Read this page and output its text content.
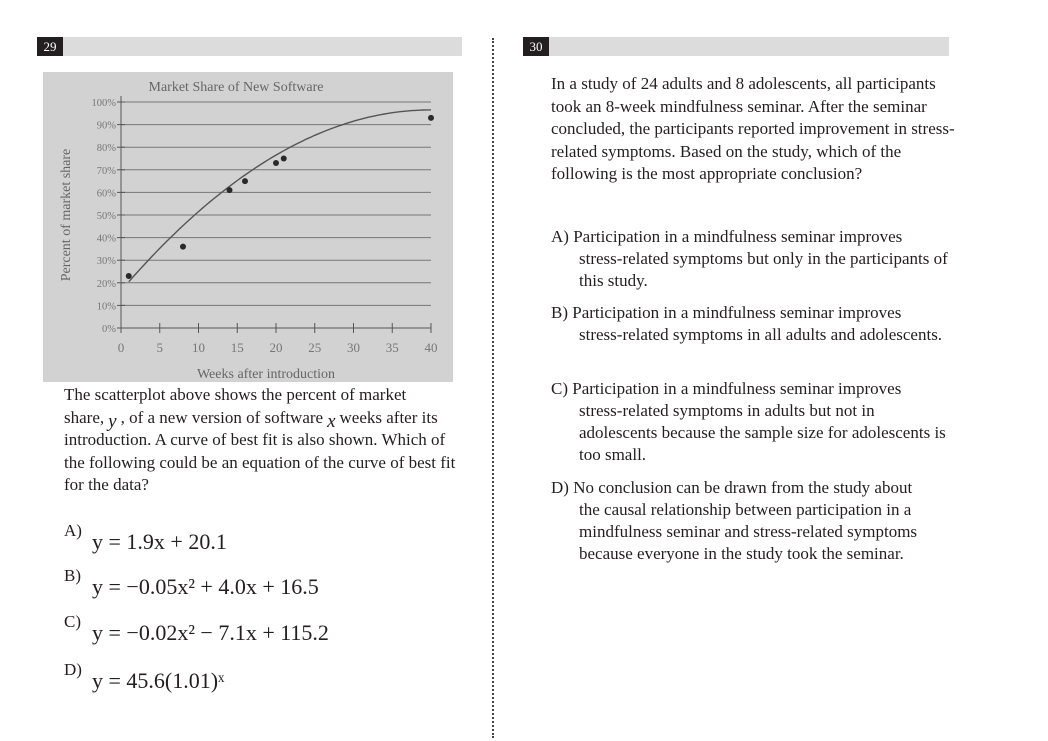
29	30
Market Share of New Software
0%
10%
20%
30%
40%
50%
60%
70%
80%
90%
100%
0 5 10 15 20 25 30 35 40
Weeks after introduction
Percent of market share
The scatterplot above shows the percent of market share, y , of a new version of software x weeks after its introduction. A curve of best fit is also shown. Which of the following could be an equation of the curve of best fit for the data?
A) y = 1.9x + 20.1
B) y = −0.05x² + 4.0x + 16.5
C) y = −0.02x² − 7.1x + 115.2
D) y = 45.6(1.01)ˣ
In a study of 24 adults and 8 adolescents, all participants took an 8-week mindfulness seminar. After the seminar concluded, the participants reported improvement in stress-related symptoms. Based on the study, which of the following is the most appropriate conclusion?
A) Participation in a mindfulness seminar improves
stress-related symptoms but only in the participants of this study.
B) Participation in a mindfulness seminar improves
stress-related symptoms in all adults and adolescents.
C) Participation in a mindfulness seminar improves
stress-related symptoms in adults but not in adolescents because the sample size for adolescents is too small.
D) No conclusion can be drawn from the study about
the causal relationship between participation in a mindfulness seminar and stress-related symptoms because everyone in the study took the seminar.
